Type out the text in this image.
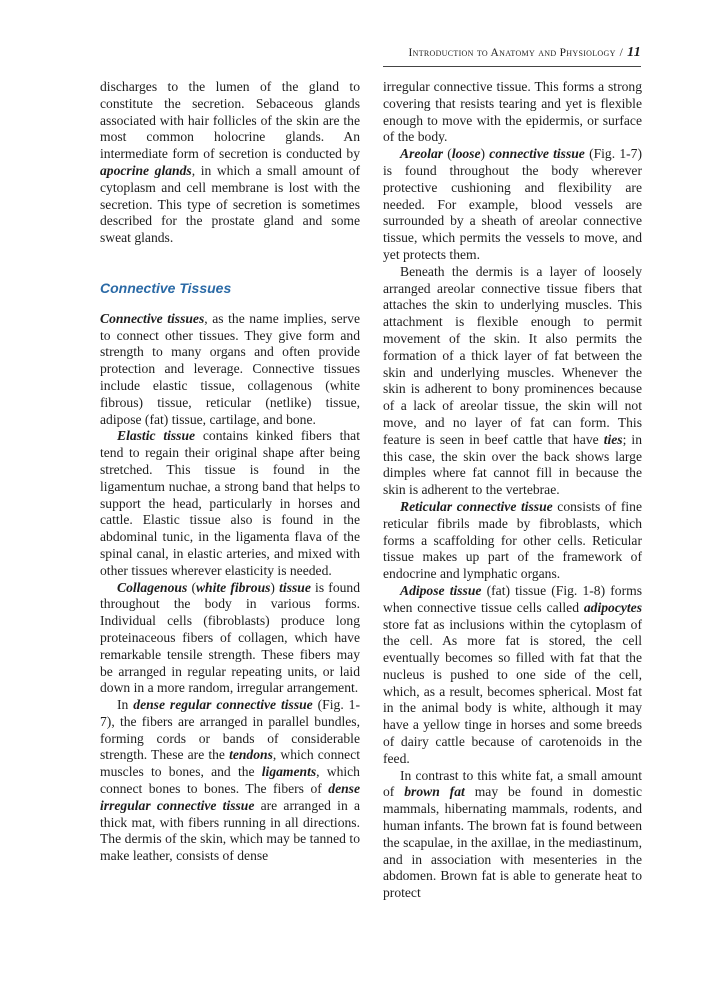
Introduction to Anatomy and Physiology / 11

discharges to the lumen of the gland to constitute the secretion. Sebaceous glands associated with hair follicles of the skin are the most common holocrine glands. An intermediate form of secretion is conducted by apocrine glands, in which a small amount of cytoplasm and cell membrane is lost with the secretion. This type of secretion is sometimes described for the prostate gland and some sweat glands.

Connective Tissues

Connective tissues, as the name implies, serve to connect other tissues. They give form and strength to many organs and often provide protection and leverage. Connective tissues include elastic tissue, collagenous (white fibrous) tissue, reticular (netlike) tissue, adipose (fat) tissue, cartilage, and bone.

Elastic tissue contains kinked fibers that tend to regain their original shape after being stretched. This tissue is found in the ligamentum nuchae, a strong band that helps to support the head, particularly in horses and cattle. Elastic tissue also is found in the abdominal tunic, in the ligamenta flava of the spinal canal, in elastic arteries, and mixed with other tissues wherever elasticity is needed.

Collagenous (white fibrous) tissue is found throughout the body in various forms. Individual cells (fibroblasts) produce long proteinaceous fibers of collagen, which have remarkable tensile strength. These fibers may be arranged in regular repeating units, or laid down in a more random, irregular arrangement.

In dense regular connective tissue (Fig. 1-7), the fibers are arranged in parallel bundles, forming cords or bands of considerable strength. These are the tendons, which connect muscles to bones, and the ligaments, which connect bones to bones. The fibers of dense irregular connective tissue are arranged in a thick mat, with fibers running in all directions. The dermis of the skin, which may be tanned to make leather, consists of dense

irregular connective tissue. This forms a strong covering that resists tearing and yet is flexible enough to move with the epidermis, or surface of the body.

Areolar (loose) connective tissue (Fig. 1-7) is found throughout the body wherever protective cushioning and flexibility are needed. For example, blood vessels are surrounded by a sheath of areolar connective tissue, which permits the vessels to move, and yet protects them.

Beneath the dermis is a layer of loosely arranged areolar connective tissue fibers that attaches the skin to underlying muscles. This attachment is flexible enough to permit movement of the skin. It also permits the formation of a thick layer of fat between the skin and underlying muscles. Whenever the skin is adherent to bony prominences because of a lack of areolar tissue, the skin will not move, and no layer of fat can form. This feature is seen in beef cattle that have ties; in this case, the skin over the back shows large dimples where fat cannot fill in because the skin is adherent to the vertebrae.

Reticular connective tissue consists of fine reticular fibrils made by fibroblasts, which forms a scaffolding for other cells. Reticular tissue makes up part of the framework of endocrine and lymphatic organs.

Adipose tissue (fat) tissue (Fig. 1-8) forms when connective tissue cells called adipocytes store fat as inclusions within the cytoplasm of the cell. As more fat is stored, the cell eventually becomes so filled with fat that the nucleus is pushed to one side of the cell, which, as a result, becomes spherical. Most fat in the animal body is white, although it may have a yellow tinge in horses and some breeds of dairy cattle because of carotenoids in the feed.

In contrast to this white fat, a small amount of brown fat may be found in domestic mammals, hibernating mammals, rodents, and human infants. The brown fat is found between the scapulae, in the axillae, in the mediastinum, and in association with mesenteries in the abdomen. Brown fat is able to generate heat to protect
